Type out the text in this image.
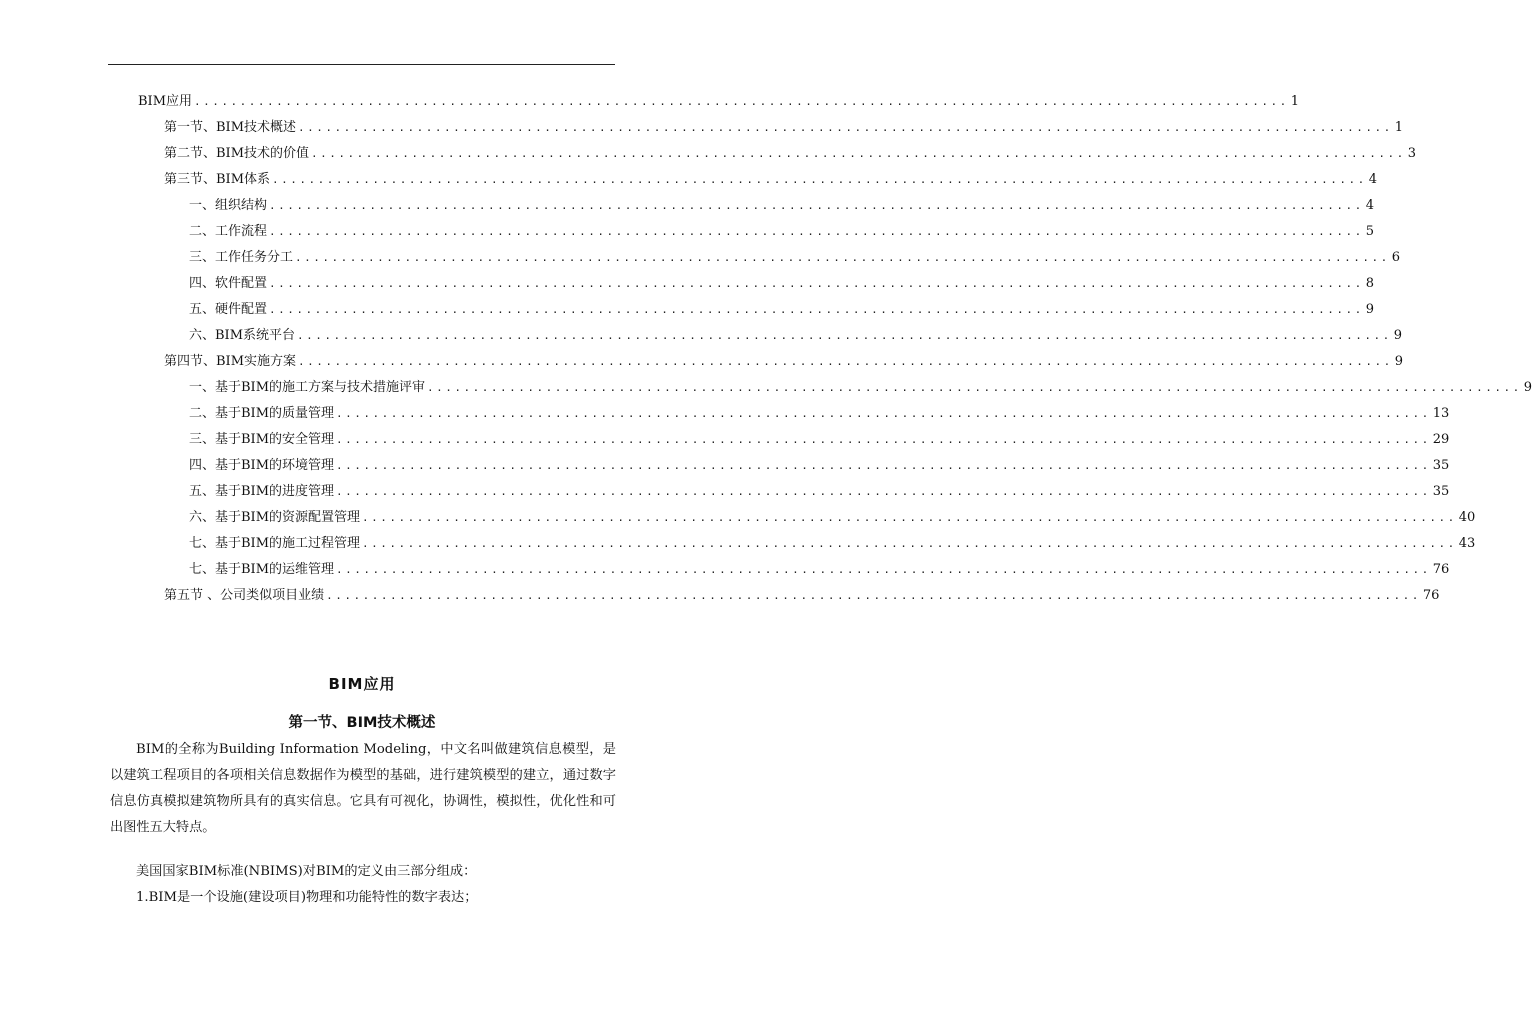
BIM应用 ........................................................................................................................ 1
第一节、BIM技术概述 ........................................................................................................................ 1
第二节、BIM技术的价值 ........................................................................................................................ 3
第三节、BIM体系 ........................................................................................................................ 4
一、组织结构 ........................................................................................................................ 4
二、工作流程 ........................................................................................................................ 5
三、工作任务分工 ........................................................................................................................ 6
四、软件配置 ........................................................................................................................ 8
五、硬件配置 ........................................................................................................................ 9
六、BIM系统平台 ........................................................................................................................ 9
第四节、BIM实施方案 ........................................................................................................................ 9
一、基于BIM的施工方案与技术措施评审 ........................................................................................................................ 9
二、基于BIM的质量管理 ........................................................................................................................ 13
三、基于BIM的安全管理 ........................................................................................................................ 29
四、基于BIM的环境管理 ........................................................................................................................ 35
五、基于BIM的进度管理 ........................................................................................................................ 35
六、基于BIM的资源配置管理 ........................................................................................................................ 40
七、基于BIM的施工过程管理 ........................................................................................................................ 43
七、基于BIM的运维管理 ........................................................................................................................ 76
第五节 、公司类似项目业绩 ........................................................................................................................ 76
BIM应用
第一节、BIM技术概述

BIM的全称为Building Information Modeling，中文名叫做建筑信息模型，是以建筑工程项目的各项相关信息数据作为模型的基础，进行建筑模型的建立，通过数字信息仿真模拟建筑物所具有的真实信息。它具有可视化，协调性，模拟性，优化性和可出图性五大特点。

美国国家BIM标准(NBIMS)对BIM的定义由三部分组成：
1.BIM是一个设施(建设项目)物理和功能特性的数字表达；
